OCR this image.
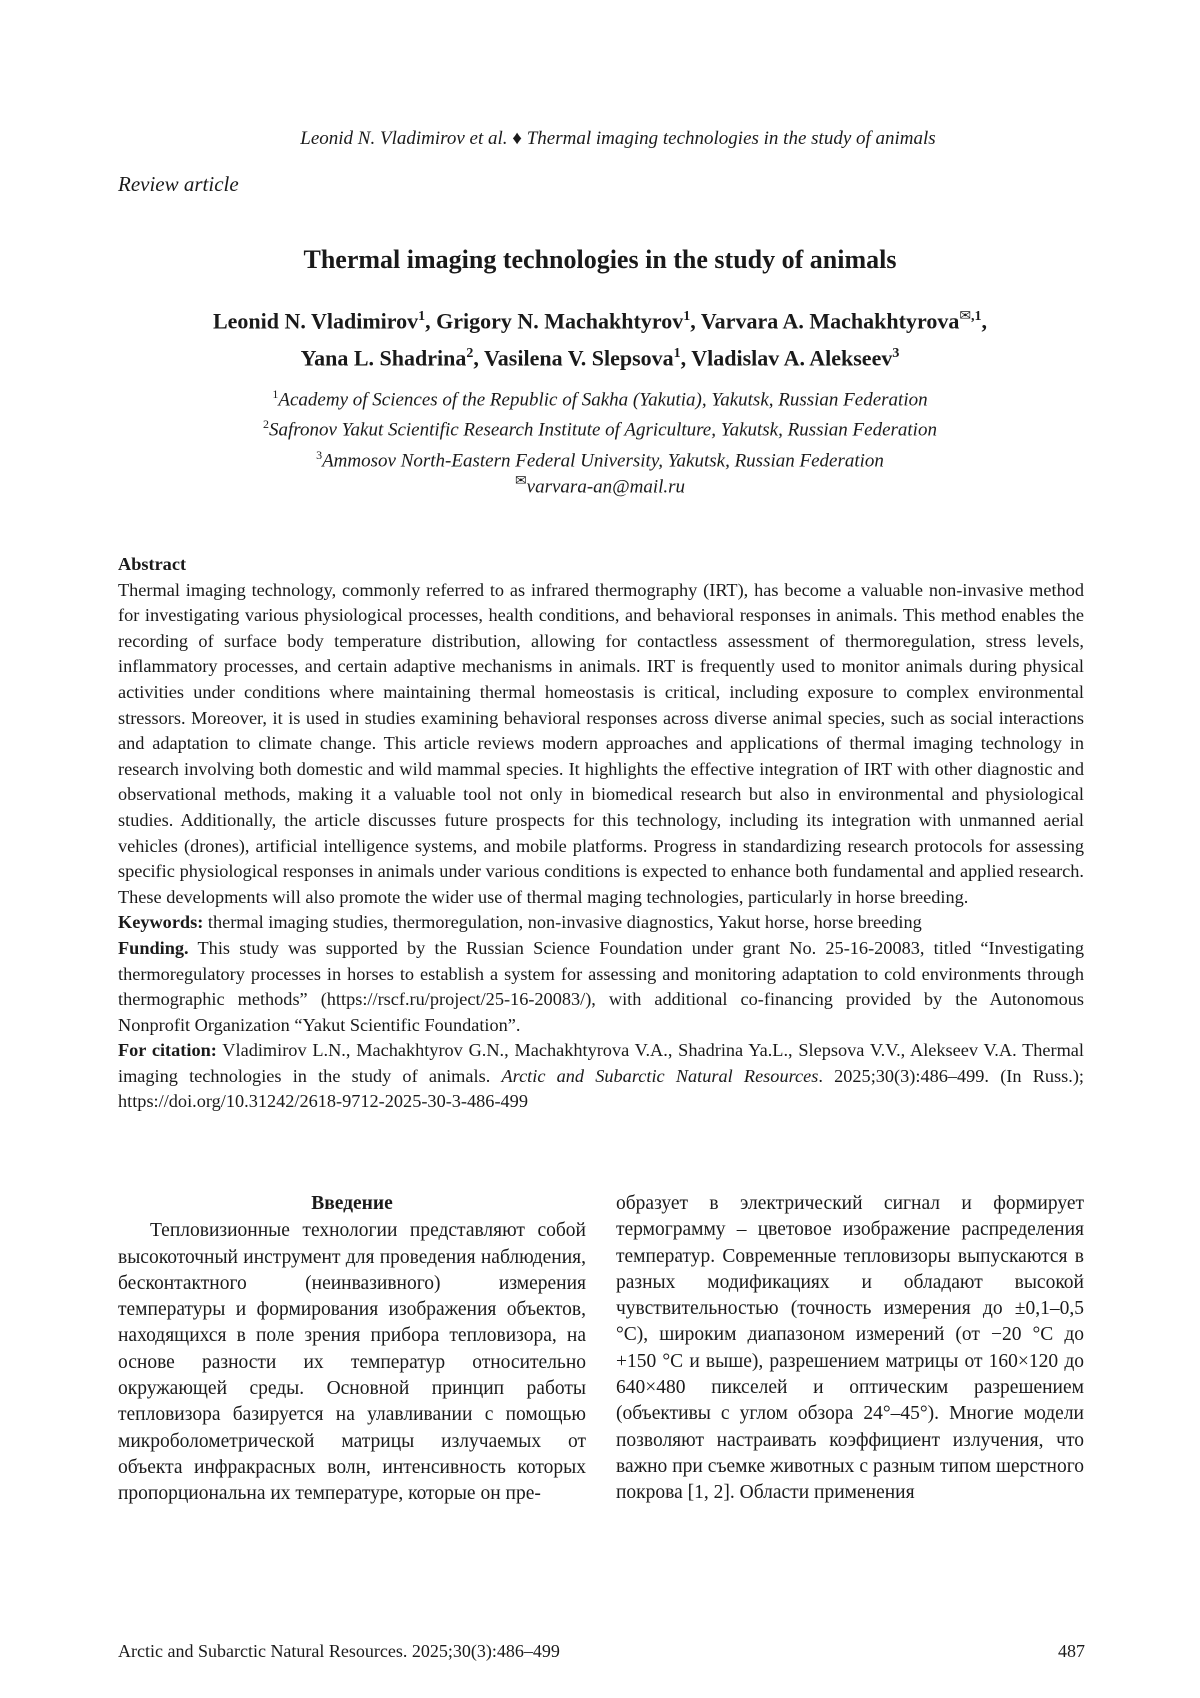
Leonid N. Vladimirov et al. ♦ Thermal imaging technologies in the study of animals
Review article
Thermal imaging technologies in the study of animals
Leonid N. Vladimirov$^1$, Grigory N. Machakhtyrov$^1$, Varvara A. Machakhtyrova$^{✉,1}$,
Yana L. Shadrina$^2$, Vasilena V. Slepsova$^1$, Vladislav A. Alekseev$^3$
$^1$Academy of Sciences of the Republic of Sakha (Yakutia), Yakutsk, Russian Federation
$^2$Safronov Yakut Scientific Research Institute of Agriculture, Yakutsk, Russian Federation
$^3$Ammosov North-Eastern Federal University, Yakutsk, Russian Federation
✉varvara-an@mail.ru

Abstract

Thermal imaging technology, commonly referred to as infrared thermography (IRT), has become a valuable non-invasive method for investigating various physiological processes, health conditions, and behavioral responses in animals. This method enables the recording of surface body temperature distribution, allowing for contactless assessment of thermoregulation, stress levels, inflammatory processes, and certain adaptive mechanisms in animals. IRT is frequently used to monitor animals during physical activities under conditions where maintaining thermal homeostasis is critical, including exposure to complex environmental stressors. Moreover, it is used in studies examining behavioral responses across diverse animal species, such as social interactions and adaptation to climate change. This article reviews modern approaches and applications of thermal imaging technology in research involving both domestic and wild mammal species. It highlights the effective integration of IRT with other diagnostic and observational methods, making it a valuable tool not only in biomedical research but also in environmental and physiological studies. Additionally, the article discusses future prospects for this technology, including its integration with unmanned aerial vehicles (drones), artificial intelligence systems, and mobile platforms. Progress in standardizing research protocols for assessing specific physiological responses in animals under various conditions is expected to enhance both fundamental and applied research. These developments will also promote the wider use of thermal maging technologies, particularly in horse breeding.

Keywords: thermal imaging studies, thermoregulation, non-invasive diagnostics, Yakut horse, horse breeding

Funding. This study was supported by the Russian Science Foundation under grant No. 25-16-20083, titled “Investigating thermoregulatory processes in horses to establish a system for assessing and monitoring adaptation to cold environments through thermographic methods” (https://rscf.ru/project/25-16-20083/), with additional co-financing provided by the Autonomous Nonprofit Organization “Yakut Scientific Foundation”.

For citation: Vladimirov L.N., Machakhtyrov G.N., Machakhtyrova V.A., Shadrina Ya.L., Slepsova V.V., Alekseev V.A. Thermal imaging technologies in the study of animals. Arctic and Subarctic Natural Resources. 2025;30(3):486–499. (In Russ.); https://doi.org/10.31242/2618-9712-2025-30-3-486-499

Введение

Тепловизионные технологии представляют собой высокоточный инструмент для проведения наблюдения, бесконтактного (неинвазивного) измерения температуры и формирования изображения объектов, находящихся в поле зрения прибора тепловизора, на основе разности их температур относительно окружающей среды. Основной принцип работы тепловизора базируется на улавливании с помощью микроболометрической матрицы излучаемых от объекта инфракрасных волн, интенсивность которых пропорциональна их температуре, которые он пре-

образует в электрический сигнал и формирует термограмму – цветовое изображение распределения температур. Современные тепловизоры выпускаются в разных модификациях и обладают высокой чувствительностью (точность измерения до ±0,1–0,5 °C), широким диапазоном измерений (от −20 °C до +150 °C и выше), разрешением матрицы от 160×120 до 640×480 пикселей и оптическим разрешением (объективы с углом обзора 24°–45°). Многие модели позволяют настраивать коэффициент излучения, что важно при съемке животных с разным типом шерстного покрова [1, 2]. Области применения

Arctic and Subarctic Natural Resources. 2025;30(3):486–499	487
